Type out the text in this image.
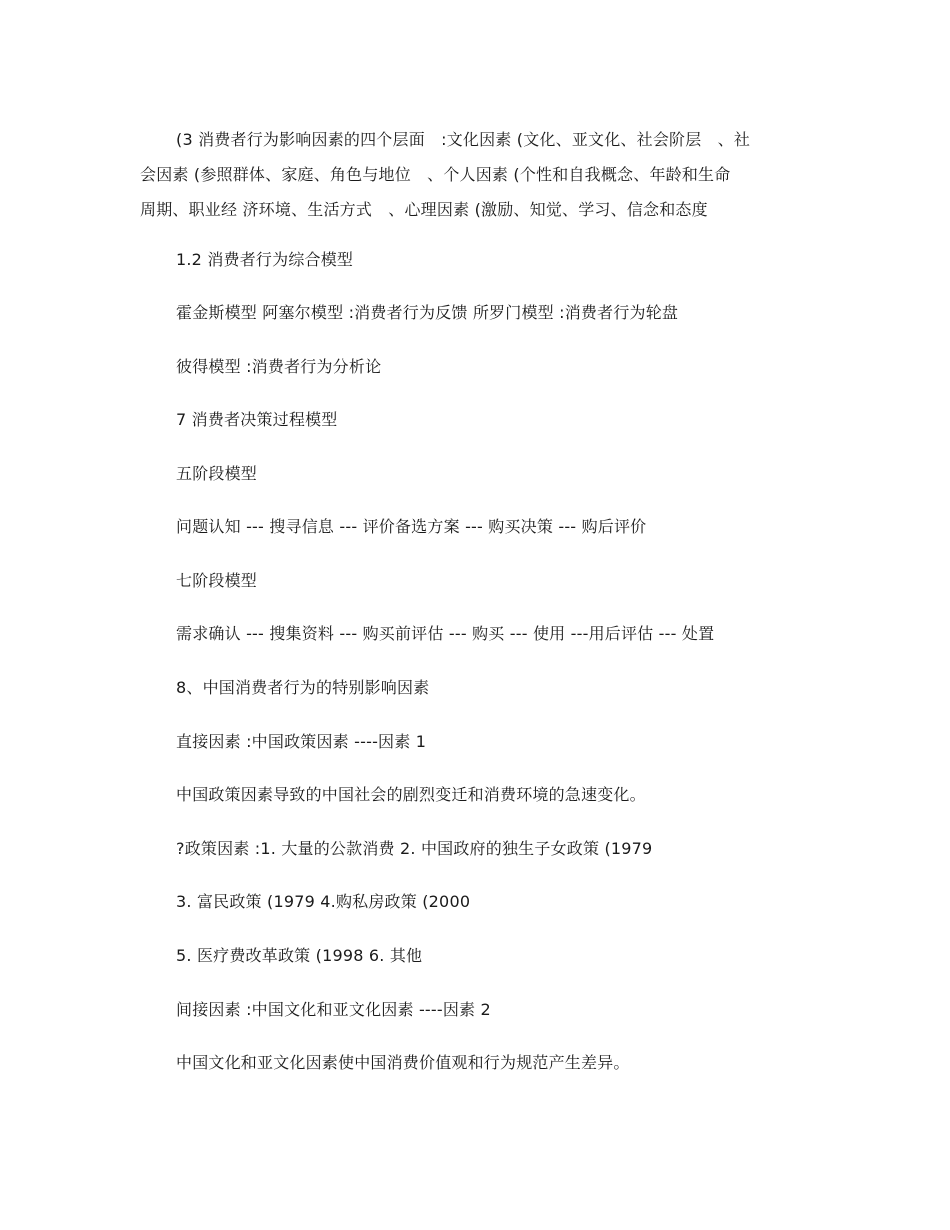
(3 消费者行为影响因素的四个层面　:文化因素 (文化、亚文化、社会阶层　、社
会因素 (参照群体、家庭、角色与地位　、个人因素 (个性和自我概念、年龄和生命
周期、职业经 济环境、生活方式　、心理因素 (激励、知觉、学习、信念和态度
1.2 消费者行为综合模型
霍金斯模型 阿塞尔模型 :消费者行为反馈 所罗门模型 :消费者行为轮盘
彼得模型 :消费者行为分析论
7 消费者决策过程模型
五阶段模型
问题认知 --- 搜寻信息 --- 评价备选方案 --- 购买决策 --- 购后评价
七阶段模型
需求确认 --- 搜集资料 --- 购买前评估 --- 购买 --- 使用 ---用后评估 --- 处置
8、中国消费者行为的特别影响因素
直接因素 :中国政策因素 ----因素 1
中国政策因素导致的中国社会的剧烈变迁和消费环境的急速变化。
?政策因素 :1. 大量的公款消费 2. 中国政府的独生子女政策 (1979
3. 富民政策 (1979 4.购私房政策 (2000
5. 医疗费改革政策 (1998 6. 其他
间接因素 :中国文化和亚文化因素 ----因素 2
中国文化和亚文化因素使中国消费价值观和行为规范产生差异。
